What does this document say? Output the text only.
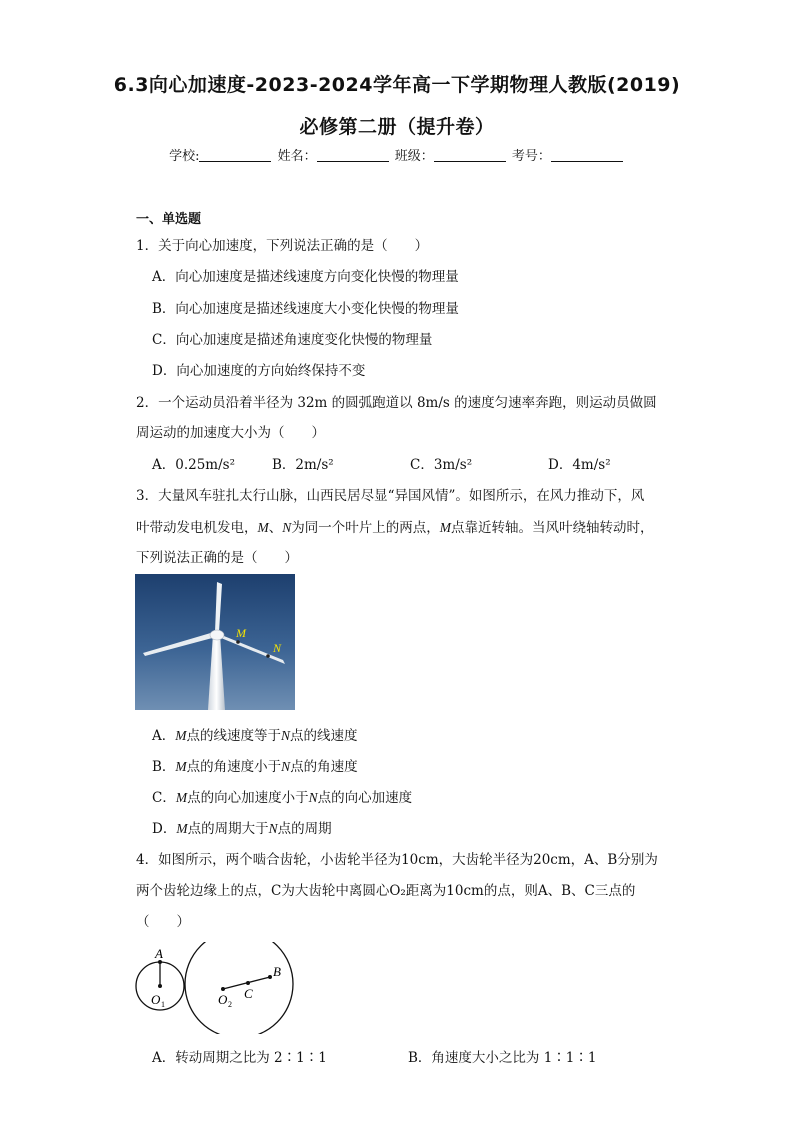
6.3向心加速度-2023-2024学年高一下学期物理人教版(2019)
必修第二册（提升卷）
学校:	姓名：	班级：	考号：
一、单选题
1．关于向心加速度，下列说法正确的是（　　）
A．向心加速度是描述线速度方向变化快慢的物理量
B．向心加速度是描述线速度大小变化快慢的物理量
C．向心加速度是描述角速度变化快慢的物理量
D．向心加速度的方向始终保持不变
2．一个运动员沿着半径为 32m 的圆弧跑道以 8m/s 的速度匀速率奔跑，则运动员做圆
周运动的加速度大小为（　　）
A．0.25m/s²	B．2m/s²	C．3m/s²	D．4m/s²
3．大量风车驻扎太行山脉，山西民居尽显“异国风情”。如图所示，在风力推动下，风
叶带动发电机发电，M、N为同一个叶片上的两点，M点靠近转轴。当风叶绕轴转动时，
下列说法正确的是（　　）
M
N
A．M点的线速度等于N点的线速度
B．M点的角速度小于N点的角速度
C．M点的向心加速度小于N点的向心加速度
D．M点的周期大于N点的周期
4．如图所示，两个啮合齿轮，小齿轮半径为10cm，大齿轮半径为20cm，A、B分别为
两个齿轮边缘上的点，C为大齿轮中离圆心O₂距离为10cm的点，则A、B、C三点的
（　　）
A
B
C
O 1	O 2
A．转动周期之比为 2∶1∶1	B．角速度大小之比为 1∶1∶1
